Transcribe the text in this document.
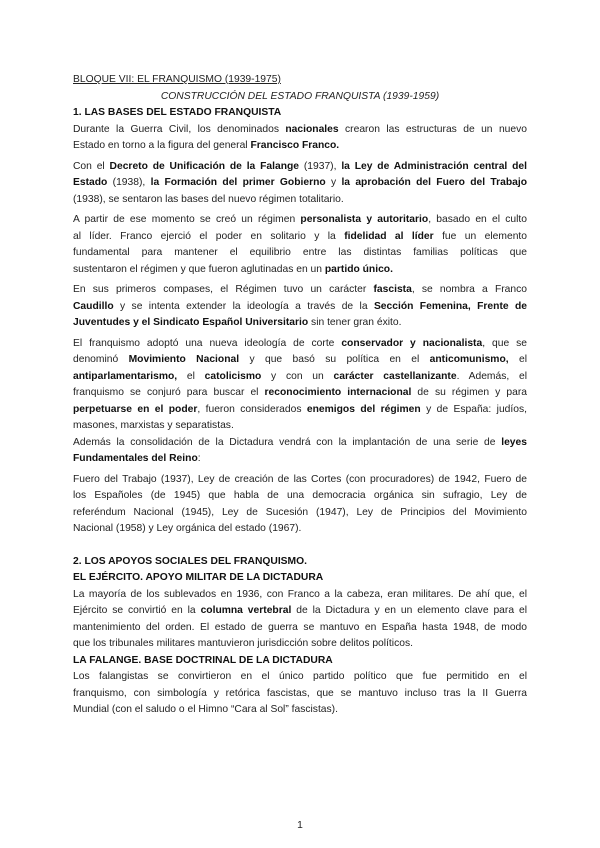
BLOQUE VII: EL FRANQUISMO (1939-1975)
CONSTRUCCIÓN DEL ESTADO FRANQUISTA (1939-1959)
1. LAS BASES DEL ESTADO FRANQUISTA
Durante la Guerra Civil, los denominados nacionales crearon las estructuras de un nuevo
Estado en torno a la figura del general Francisco Franco.
Con el Decreto de Unificación de la Falange (1937), la Ley de Administración central del
Estado (1938), la Formación del primer Gobierno y la aprobación del Fuero del Trabajo
(1938), se sentaron las bases del nuevo régimen totalitario.
A partir de ese momento se creó un régimen personalista y autoritario, basado en el culto
al líder. Franco ejerció el poder en solitario y la fidelidad al líder fue un elemento
fundamental para mantener el equilibrio entre las distintas familias políticas que
sustentaron el régimen y que fueron aglutinadas en un partido único.
En sus primeros compases, el Régimen tuvo un carácter fascista, se nombra a Franco
Caudillo y se intenta extender la ideología a través de la Sección Femenina, Frente de
Juventudes y el Sindicato Español Universitario sin tener gran éxito.
El franquismo adoptó una nueva ideología de corte conservador y nacionalista, que se
denominó Movimiento Nacional y que basó su política en el anticomunismo, el
antiparlamentarismo, el catolicismo y con un carácter castellanizante. Además, el
franquismo se conjuró para buscar el reconocimiento internacional de su régimen y para
perpetuarse en el poder, fueron considerados enemigos del régimen y de España: judíos,
masones, marxistas y separatistas.
Además la consolidación de la Dictadura vendrá con la implantación de una serie de leyes
Fundamentales del Reino:
Fuero del Trabajo (1937), Ley de creación de las Cortes (con procuradores) de 1942, Fuero de
los Españoles (de 1945) que habla de una democracia orgánica sin sufragio, Ley de
referéndum Nacional (1945), Ley de Sucesión (1947), Ley de Principios del Movimiento
Nacional (1958) y Ley orgánica del estado (1967).
2. LOS APOYOS SOCIALES DEL FRANQUISMO.
EL EJÉRCITO. APOYO MILITAR DE LA DICTADURA
La mayoría de los sublevados en 1936, con Franco a la cabeza, eran militares. De ahí que, el
Ejército se convirtió en la columna vertebral de la Dictadura y en un elemento clave para el
mantenimiento del orden. El estado de guerra se mantuvo en España hasta 1948, de modo
que los tribunales militares mantuvieron jurisdicción sobre delitos políticos.
LA FALANGE. BASE DOCTRINAL DE LA DICTADURA
Los falangistas se convirtieron en el único partido político que fue permitido en el
franquismo, con simbología y retórica fascistas, que se mantuvo incluso tras la II Guerra
Mundial (con el saludo o el Himno “Cara al Sol” fascistas).
1
